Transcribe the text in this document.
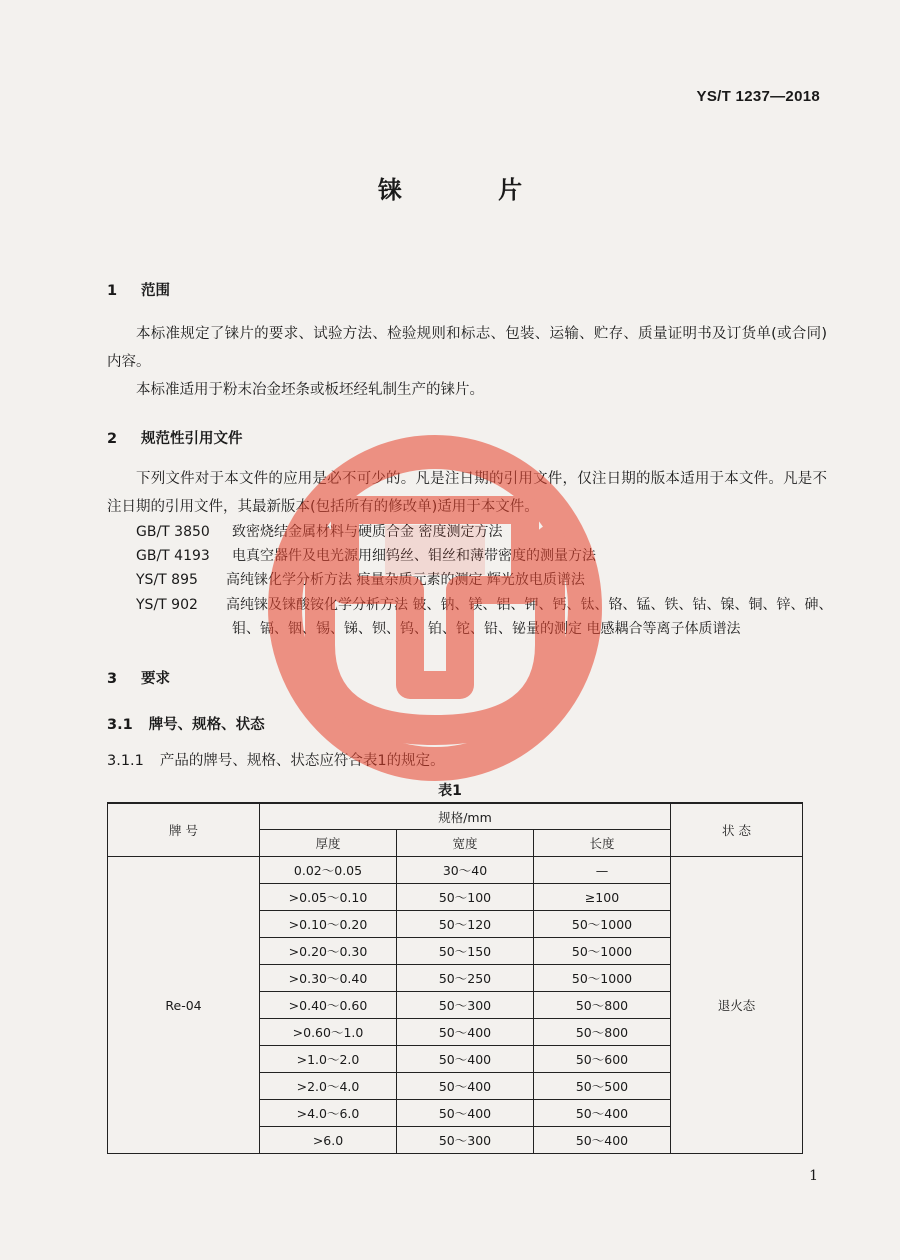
YS/T 1237—2018
铼 片
1 范围
本标准规定了铼片的要求、试验方法、检验规则和标志、包装、运输、贮存、质量证明书及订货单(或合同)内容。
本标准适用于粉末冶金坯条或板坯经轧制生产的铼片。
2 规范性引用文件
下列文件对于本文件的应用是必不可少的。凡是注日期的引用文件，仅注日期的版本适用于本文件。凡是不注日期的引用文件，其最新版本(包括所有的修改单)适用于本文件。
GB/T 3850 致密烧结金属材料与硬质合金 密度测定方法
GB/T 4193 电真空器件及电光源用细钨丝、钼丝和薄带密度的测量方法
YS/T 895 高纯铼化学分析方法 痕量杂质元素的测定 辉光放电质谱法
YS/T 902 高纯铼及铼酸铵化学分析方法 铍、钠、镁、铝、钾、钙、钛、铬、锰、铁、钴、镍、铜、锌、砷、
钼、镉、铟、锡、锑、钡、钨、铂、铊、铅、铋量的测定 电感耦合等离子体质谱法
3 要求
3.1 牌号、规格、状态
3.1.1 产品的牌号、规格、状态应符合表1的规定。
表1
牌 号	规格/mm			状 态
	厚度	宽度	长度	
Re-04	0.02～0.05	30～40	—	退火态
	>0.05～0.10	50～100	≥100	
	>0.10～0.20	50～120	50～1000	
	>0.20～0.30	50～150	50～1000	
	>0.30～0.40	50～250	50～1000	
	>0.40～0.60	50～300	50～800	
	>0.60～1.0	50～400	50～800	
	>1.0～2.0	50～400	50～600	
	>2.0～4.0	50～400	50～500	
	>4.0～6.0	50～400	50～400	
	>6.0	50～300	50～400	
1
